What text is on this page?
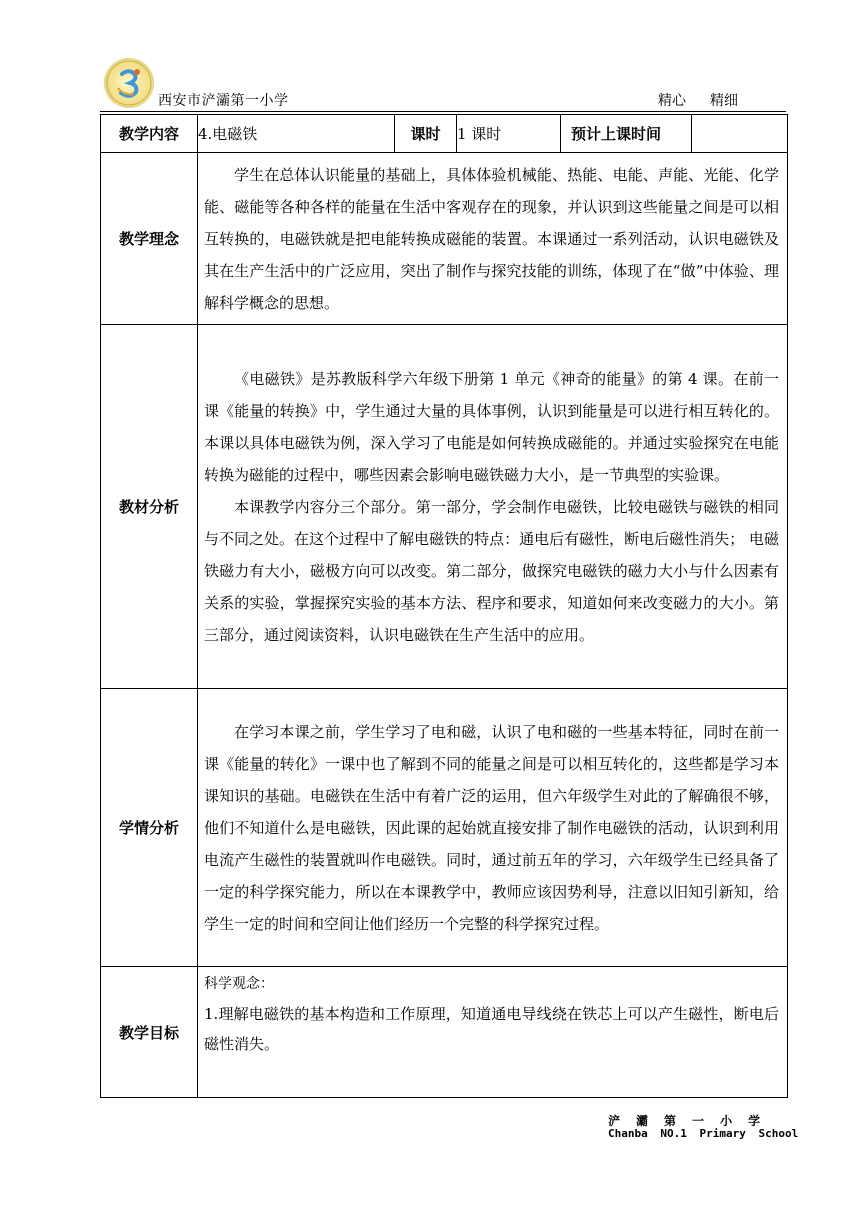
西安市浐灞第一小学	精心 精细
教学内容	4.电磁铁	课时	1 课时	预计上课时间	
教学理念	学生在总体认识能量的基础上，具体体验机械能、热能、电能、声能、光能、化学能、磁能等各种各样的能量在生活中客观存在的现象，并认识到这些能量之间是可以相互转换的，电磁铁就是把电能转换成磁能的装置。本课通过一系列活动，认识电磁铁及其在生产生活中的广泛应用，突出了制作与探究技能的训练，体现了在“做”中体验、理解科学概念的思想。				

教材分析	《电磁铁》是苏教版科学六年级下册第 1 单元《神奇的能量》的第 4 课。在前一课《能量的转换》中，学生通过大量的具体事例，认识到能量是可以进行相互转化的。本课以具体电磁铁为例，深入学习了电能是如何转换成磁能的。并通过实验探究在电能转换为磁能的过程中，哪些因素会影响电磁铁磁力大小，是一节典型的实验课。

本课教学内容分三个部分。第一部分，学会制作电磁铁，比较电磁铁与磁铁的相同与不同之处。在这个过程中了解电磁铁的特点：通电后有磁性，断电后磁性消失； 电磁铁磁力有大小，磁极方向可以改变。第二部分，做探究电磁铁的磁力大小与什么因素有关系的实验，掌握探究实验的基本方法、程序和要求，知道如何来改变磁力的大小。第三部分，通过阅读资料，认识电磁铁在生产生活中的应用。				

学情分析	在学习本课之前，学生学习了电和磁，认识了电和磁的一些基本特征，同时在前一课《能量的转化》一课中也了解到不同的能量之间是可以相互转化的，这些都是学习本课知识的基础。电磁铁在生活中有着广泛的运用，但六年级学生对此的了解确很不够，他们不知道什么是电磁铁，因此课的起始就直接安排了制作电磁铁的活动，认识到利用电流产生磁性的装置就叫作电磁铁。同时，通过前五年的学习，六年级学生已经具备了一定的科学探究能力，所以在本课教学中，教师应该因势利导，注意以旧知引新知，给学生一定的时间和空间让他们经历一个完整的科学探究过程。				

教学目标	科学观念：

1.理解电磁铁的基本构造和工作原理，知道通电导线绕在铁芯上可以产生磁性，断电后磁性消失。				

浐 灞 第 一 小 学
Chanba NO.1 Primary School
